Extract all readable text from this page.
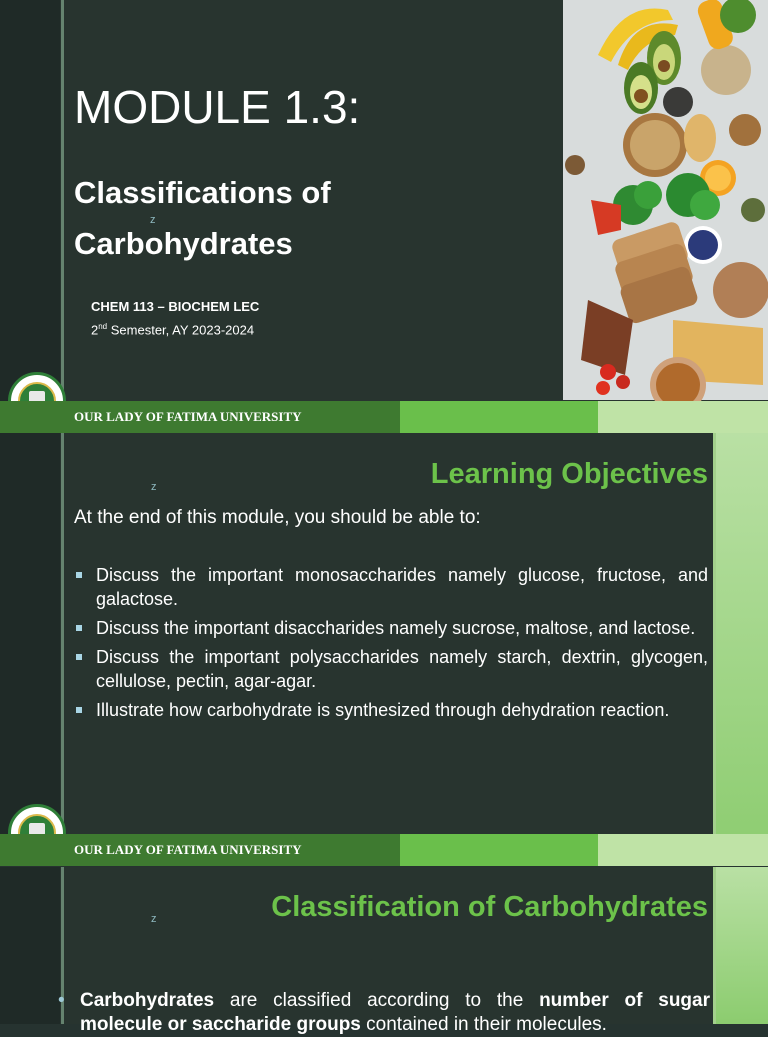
MODULE 1.3:
Classifications of
z
Carbohydrates
CHEM 113 – BIOCHEM LEC
2nd Semester, AY 2023-2024
OUR LADY OF FATIMA UNIVERSITY
z	Learning Objectives
At the end of this module, you should be able to:
Discuss the important monosaccharides namely glucose, fructose, and galactose.
Discuss the important disaccharides namely sucrose, maltose, and lactose.
Discuss the important polysaccharides namely starch, dextrin, glycogen, cellulose, pectin, agar-agar.
Illustrate how carbohydrate is synthesized through dehydration reaction.
OUR LADY OF FATIMA UNIVERSITY
z	Classification of Carbohydrates
• Carbohydrates are classified according to the number of sugar molecule or saccharide groups contained in their molecules.
